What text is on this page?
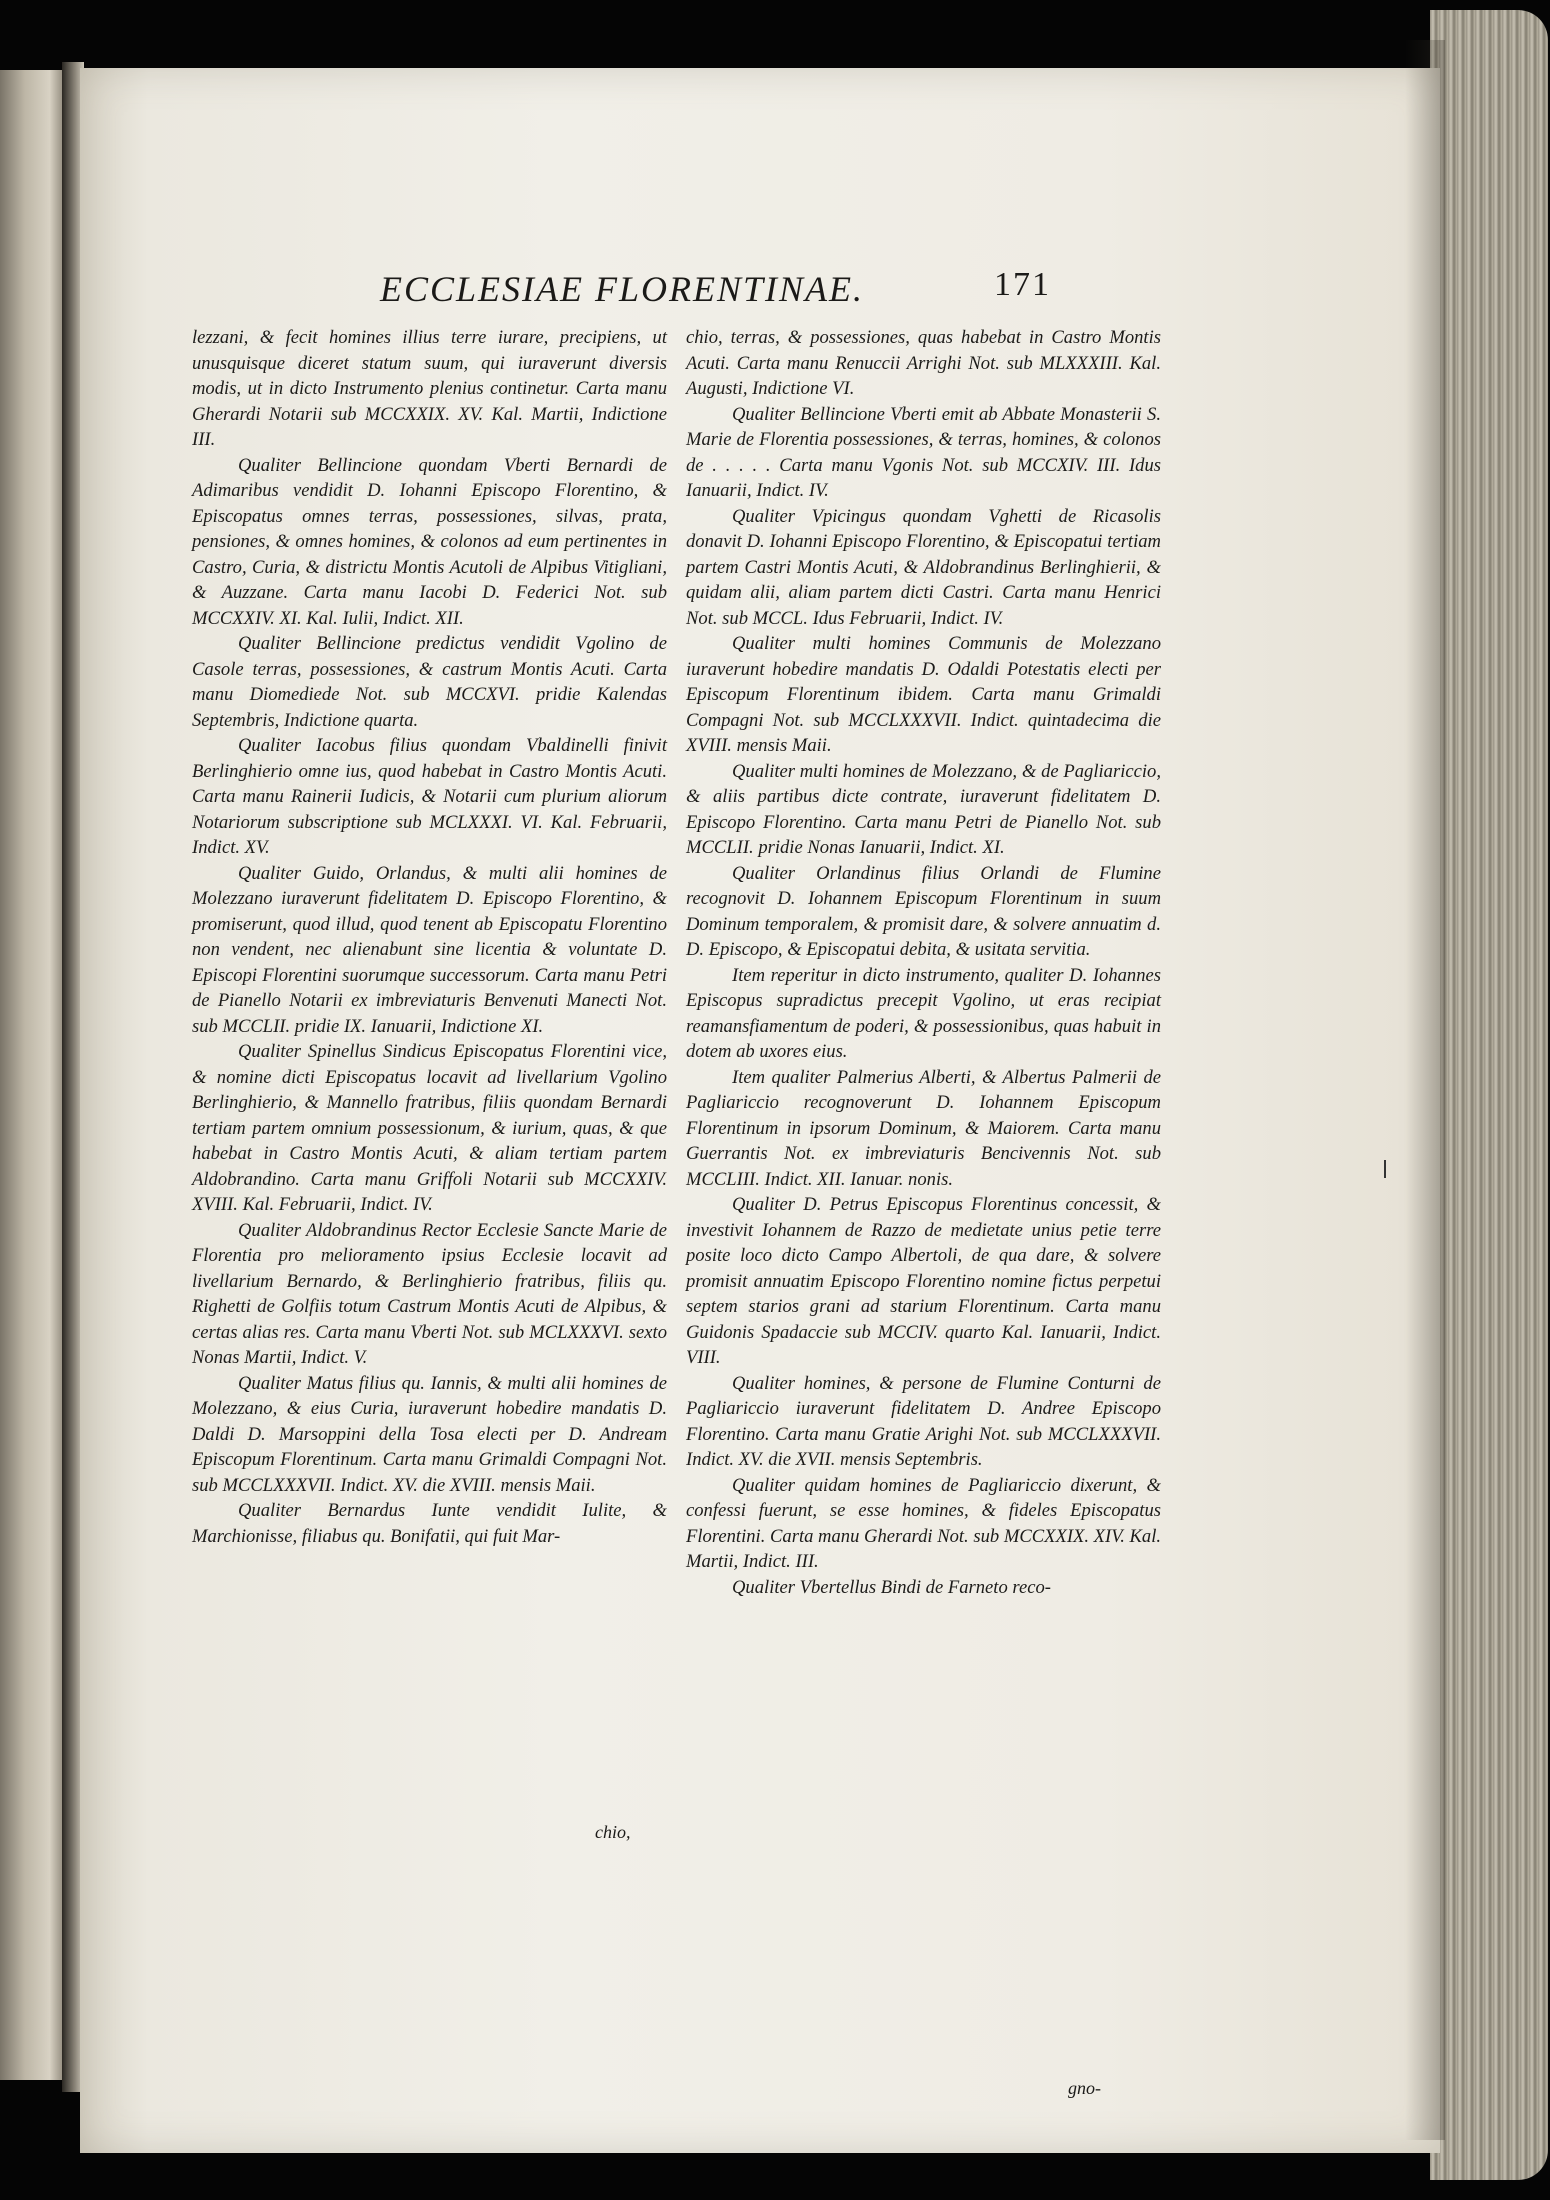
ECCLESIAE FLORENTINAE.	171

lezzani, & fecit homines illius terre iurare, precipiens, ut unusquisque diceret statum suum, qui iuraverunt diversis modis, ut in dicto Instrumento plenius continetur. Carta manu Gherardi Notarii sub MCCXXIX. XV. Kal. Martii, Indictione III.

Qualiter Bellincione quondam Vberti Bernardi de Adimaribus vendidit D. Iohanni Episcopo Florentino, & Episcopatus omnes terras, possessiones, silvas, prata, pensiones, & omnes homines, & colonos ad eum pertinentes in Castro, Curia, & districtu Montis Acutoli de Alpibus Vitigliani, & Auzzane. Carta manu Iacobi D. Federici Not. sub MCCXXIV. XI. Kal. Iulii, Indict. XII.

Qualiter Bellincione predictus vendidit Vgolino de Casole terras, possessiones, & castrum Montis Acuti. Carta manu Diomediede Not. sub MCCXVI. pridie Kalendas Septembris, Indictione quarta.

Qualiter Iacobus filius quondam Vbaldinelli finivit Berlinghierio omne ius, quod habebat in Castro Montis Acuti. Carta manu Rainerii Iudicis, & Notarii cum plurium aliorum Notariorum subscriptione sub MCLXXXI. VI. Kal. Februarii, Indict. XV.

Qualiter Guido, Orlandus, & multi alii homines de Molezzano iuraverunt fidelitatem D. Episcopo Florentino, & promiserunt, quod illud, quod tenent ab Episcopatu Florentino non vendent, nec alienabunt sine licentia & voluntate D. Episcopi Florentini suorumque successorum. Carta manu Petri de Pianello Notarii ex imbreviaturis Benvenuti Manecti Not. sub MCCLII. pridie IX. Ianuarii, Indictione XI.

Qualiter Spinellus Sindicus Episcopatus Florentini vice, & nomine dicti Episcopatus locavit ad livellarium Vgolino Berlinghierio, & Mannello fratribus, filiis quondam Bernardi tertiam partem omnium possessionum, & iurium, quas, & que habebat in Castro Montis Acuti, & aliam tertiam partem Aldobrandino. Carta manu Griffoli Notarii sub MCCXXIV. XVIII. Kal. Februarii, Indict. IV.

Qualiter Aldobrandinus Rector Ecclesie Sancte Marie de Florentia pro melioramento ipsius Ecclesie locavit ad livellarium Bernardo, & Berlinghierio fratribus, filiis qu. Righetti de Golfiis totum Castrum Montis Acuti de Alpibus, & certas alias res. Carta manu Vberti Not. sub MCLXXXVI. sexto Nonas Martii, Indict. V.

Qualiter Matus filius qu. Iannis, & multi alii homines de Molezzano, & eius Curia, iuraverunt hobedire mandatis D. Daldi D. Marsoppini della Tosa electi per D. Andream Episcopum Florentinum. Carta manu Grimaldi Compagni Not. sub MCCLXXXVII. Indict. XV. die XVIII. mensis Maii.

Qualiter Bernardus Iunte vendidit Iulite, & Marchionisse, filiabus qu. Bonifatii, qui fuit Mar-

chio, terras, & possessiones, quas habebat in Castro Montis Acuti. Carta manu Renuccii Arrighi Not. sub MLXXXIII. Kal. Augusti, Indictione VI.

Qualiter Bellincione Vberti emit ab Abbate Monasterii S. Marie de Florentia possessiones, & terras, homines, & colonos de . . . . . Carta manu Vgonis Not. sub MCCXIV. III. Idus Ianuarii, Indict. IV.

Qualiter Vpicingus quondam Vghetti de Ricasolis donavit D. Iohanni Episcopo Florentino, & Episcopatui tertiam partem Castri Montis Acuti, & Aldobrandinus Berlinghierii, & quidam alii, aliam partem dicti Castri. Carta manu Henrici Not. sub MCCL. Idus Februarii, Indict. IV.

Qualiter multi homines Communis de Molezzano iuraverunt hobedire mandatis D. Odaldi Potestatis electi per Episcopum Florentinum ibidem. Carta manu Grimaldi Compagni Not. sub MCCLXXXVII. Indict. quintadecima die XVIII. mensis Maii.

Qualiter multi homines de Molezzano, & de Pagliariccio, & aliis partibus dicte contrate, iuraverunt fidelitatem D. Episcopo Florentino. Carta manu Petri de Pianello Not. sub MCCLII. pridie Nonas Ianuarii, Indict. XI.

Qualiter Orlandinus filius Orlandi de Flumine recognovit D. Iohannem Episcopum Florentinum in suum Dominum temporalem, & promisit dare, & solvere annuatim d. D. Episcopo, & Episcopatui debita, & usitata servitia.

Item reperitur in dicto instrumento, qualiter D. Iohannes Episcopus supradictus precepit Vgolino, ut eras recipiat reamansfiamentum de poderi, & possessionibus, quas habuit in dotem ab uxores eius.

Item qualiter Palmerius Alberti, & Albertus Palmerii de Pagliariccio recognoverunt D. Iohannem Episcopum Florentinum in ipsorum Dominum, & Maiorem. Carta manu Guerrantis Not. ex imbreviaturis Bencivennis Not. sub MCCLIII. Indict. XII. Ianuar. nonis.

Qualiter D. Petrus Episcopus Florentinus concessit, & investivit Iohannem de Razzo de medietate unius petie terre posite loco dicto Campo Albertoli, de qua dare, & solvere promisit annuatim Episcopo Florentino nomine fictus perpetui septem starios grani ad starium Florentinum. Carta manu Guidonis Spadaccie sub MCCIV. quarto Kal. Ianuarii, Indict. VIII.

Qualiter homines, & persone de Flumine Conturni de Pagliariccio iuraverunt fidelitatem D. Andree Episcopo Florentino. Carta manu Gratie Arighi Not. sub MCCLXXXVII. Indict. XV. die XVII. mensis Septembris.

Qualiter quidam homines de Pagliariccio dixerunt, & confessi fuerunt, se esse homines, & fideles Episcopatus Florentini. Carta manu Gherardi Not. sub MCCXXIX. XIV. Kal. Martii, Indict. III.

Qualiter Vbertellus Bindi de Farneto reco-

chio,
gno-
